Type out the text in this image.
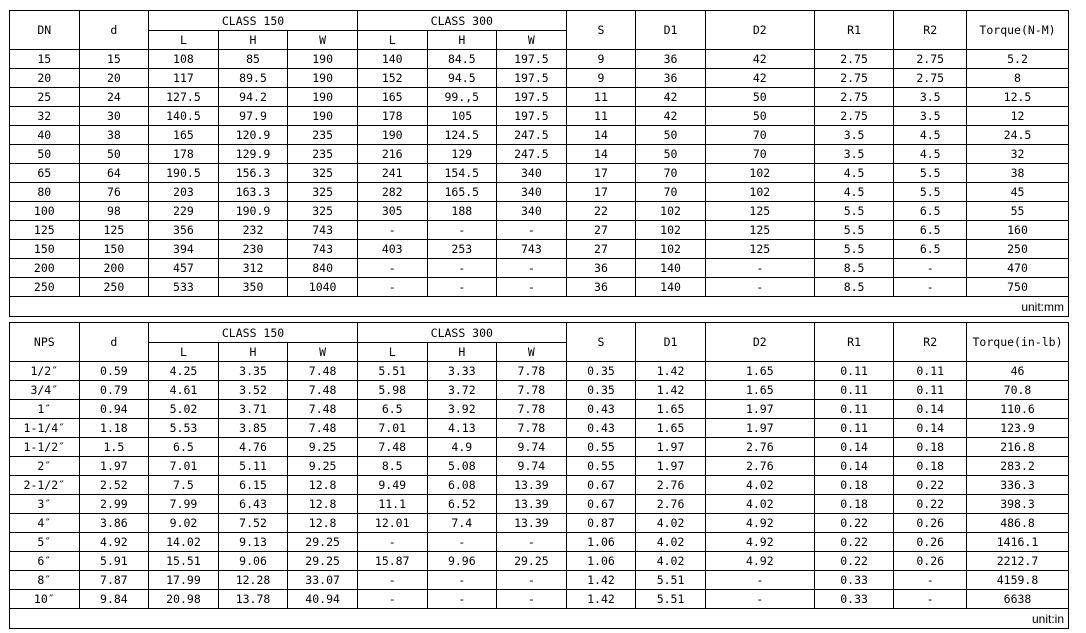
DN	d	CLASS 150			CLASS 300			S	D1	D2	R1	R2	Torque(N-M)
		L	H	W	L	H	W						
15	15	108	85	190	140	84.5	197.5	9	36	42	2.75	2.75	5.2
20	20	117	89.5	190	152	94.5	197.5	9	36	42	2.75	2.75	8
25	24	127.5	94.2	190	165	99.,5	197.5	11	42	50	2.75	3.5	12.5
32	30	140.5	97.9	190	178	105	197.5	11	42	50	2.75	3.5	12
40	38	165	120.9	235	190	124.5	247.5	14	50	70	3.5	4.5	24.5
50	50	178	129.9	235	216	129	247.5	14	50	70	3.5	4.5	32
65	64	190.5	156.3	325	241	154.5	340	17	70	102	4.5	5.5	38
80	76	203	163.3	325	282	165.5	340	17	70	102	4.5	5.5	45
100	98	229	190.9	325	305	188	340	22	102	125	5.5	6.5	55
125	125	356	232	743	-	-	-	27	102	125	5.5	6.5	160
150	150	394	230	743	403	253	743	27	102	125	5.5	6.5	250
200	200	457	312	840	-	-	-	36	140	-	8.5	-	470
250	250	533	350	1040	-	-	-	36	140	-	8.5	-	750
unit:mm													

NPS	d	CLASS 150			CLASS 300			S	D1	D2	R1	R2	Torque(in-lb)
		L	H	W	L	H	W						
1/2″	0.59	4.25	3.35	7.48	5.51	3.33	7.78	0.35	1.42	1.65	0.11	0.11	46
3/4″	0.79	4.61	3.52	7.48	5.98	3.72	7.78	0.35	1.42	1.65	0.11	0.11	70.8
1″	0.94	5.02	3.71	7.48	6.5	3.92	7.78	0.43	1.65	1.97	0.11	0.14	110.6
1-1/4″	1.18	5.53	3.85	7.48	7.01	4.13	7.78	0.43	1.65	1.97	0.11	0.14	123.9
1-1/2″	1.5	6.5	4.76	9.25	7.48	4.9	9.74	0.55	1.97	2.76	0.14	0.18	216.8
2″	1.97	7.01	5.11	9.25	8.5	5.08	9.74	0.55	1.97	2.76	0.14	0.18	283.2
2-1/2″	2.52	7.5	6.15	12.8	9.49	6.08	13.39	0.67	2.76	4.02	0.18	0.22	336.3
3″	2.99	7.99	6.43	12.8	11.1	6.52	13.39	0.67	2.76	4.02	0.18	0.22	398.3
4″	3.86	9.02	7.52	12.8	12.01	7.4	13.39	0.87	4.02	4.92	0.22	0.26	486.8
5″	4.92	14.02	9.13	29.25	-	-	-	1.06	4.02	4.92	0.22	0.26	1416.1
6″	5.91	15.51	9.06	29.25	15.87	9.96	29.25	1.06	4.02	4.92	0.22	0.26	2212.7
8″	7.87	17.99	12.28	33.07	-	-	-	1.42	5.51	-	0.33	-	4159.8
10″	9.84	20.98	13.78	40.94	-	-	-	1.42	5.51	-	0.33	-	6638
unit:in													
